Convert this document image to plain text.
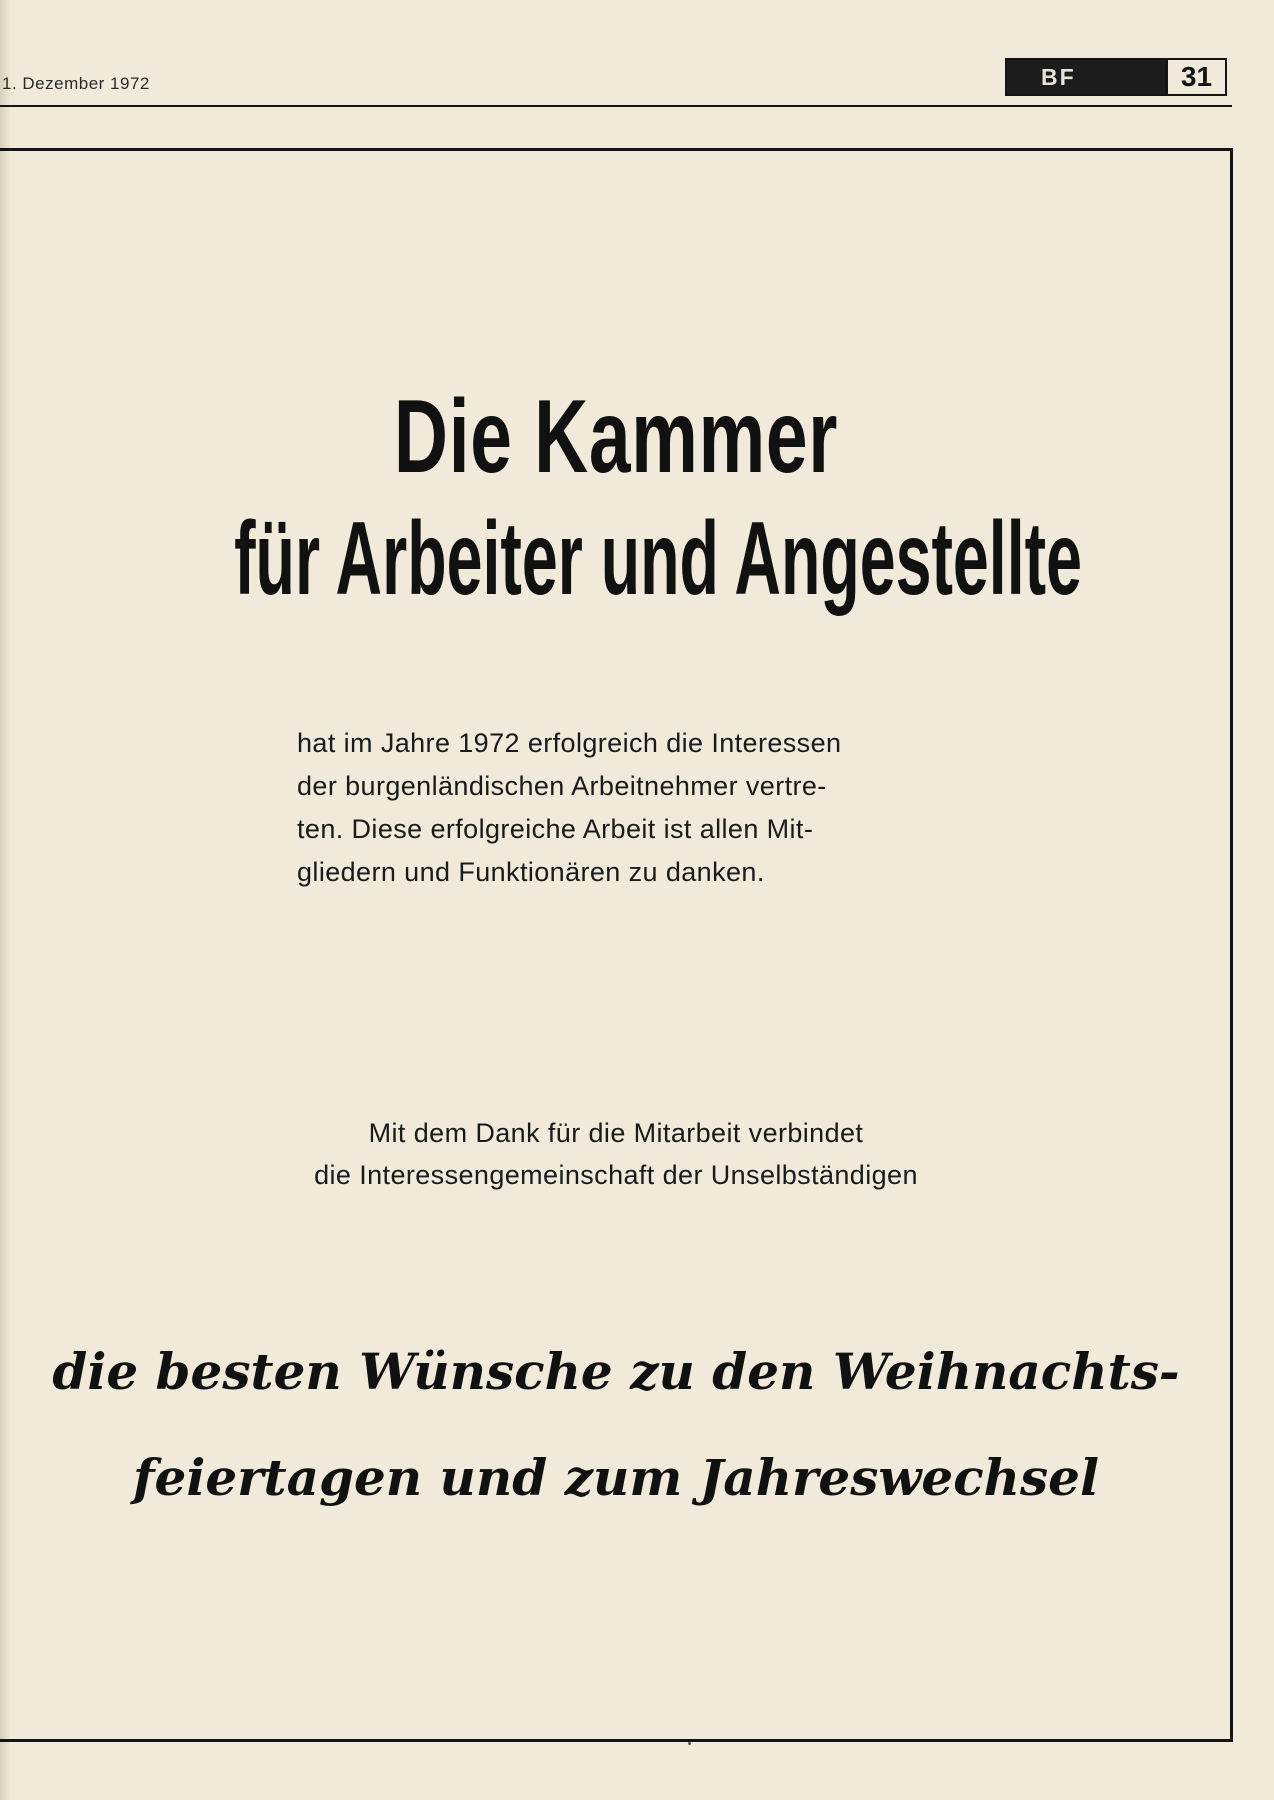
1. Dezember 1972	BF	31
Die Kammer
für Arbeiter und Angestellte
hat im Jahre 1972 erfolgreich die Interessen
der burgenländischen Arbeitnehmer vertre-
ten. Diese erfolgreiche Arbeit ist allen Mit-
gliedern und Funktionären zu danken.
Mit dem Dank für die Mitarbeit verbindet
die Interessengemeinschaft der Unselbständigen
die besten Wünsche zu den Weihnachts-
feiertagen und zum Jahreswechsel
